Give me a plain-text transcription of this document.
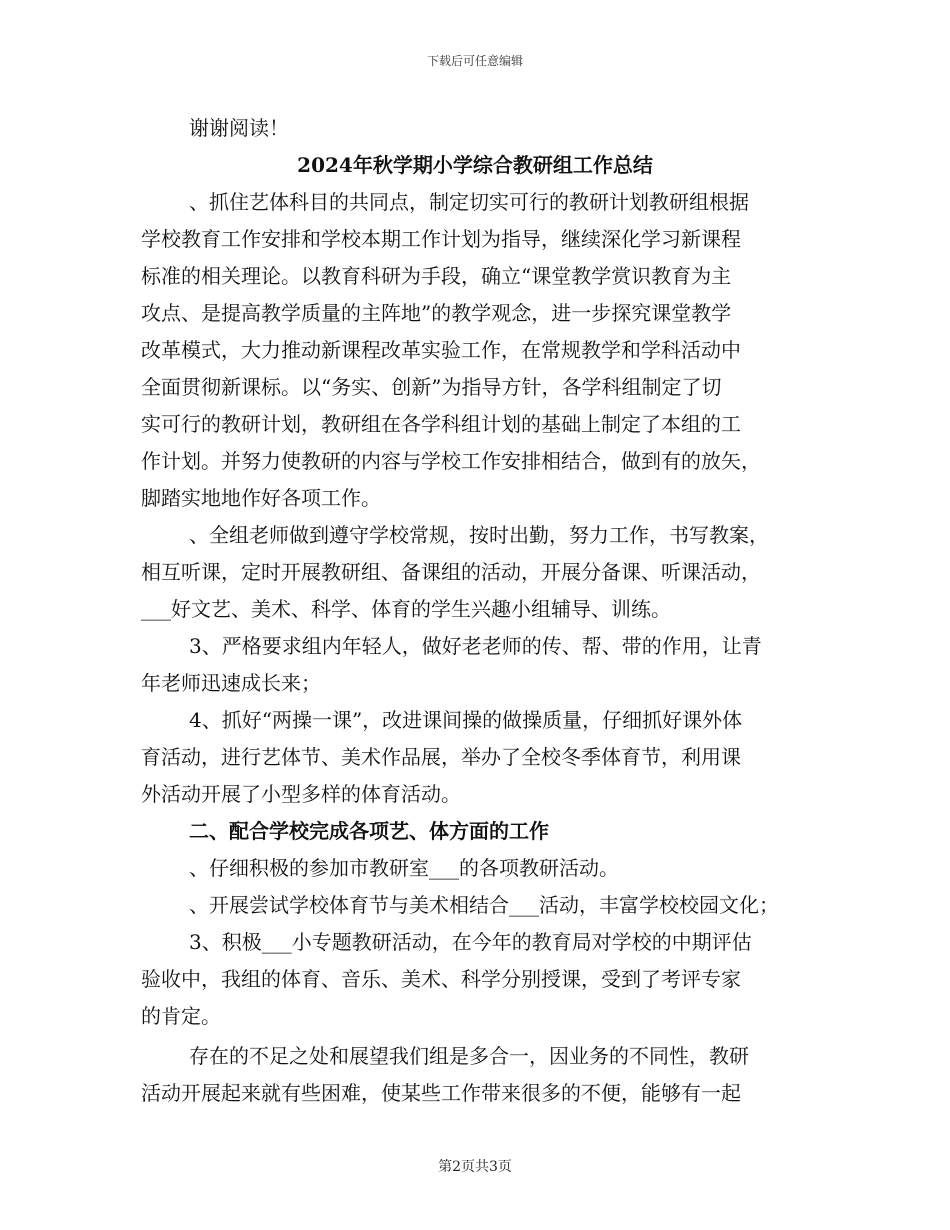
下载后可任意编辑
谢谢阅读！
2024年秋学期小学综合教研组工作总结
、抓住艺体科目的共同点，制定切实可行的教研计划教研组根据
学校教育工作安排和学校本期工作计划为指导，继续深化学习新课程
标准的相关理论。以教育科研为手段，确立“课堂教学赏识教育为主
攻点、是提高教学质量的主阵地”的教学观念，进一步探究课堂教学
改革模式，大力推动新课程改革实验工作，在常规教学和学科活动中
全面贯彻新课标。以“务实、创新”为指导方针，各学科组制定了切
实可行的教研计划，教研组在各学科组计划的基础上制定了本组的工
作计划。并努力使教研的内容与学校工作安排相结合，做到有的放矢，
脚踏实地地作好各项工作。
、全组老师做到遵守学校常规，按时出勤，努力工作，书写教案，
相互听课，定时开展教研组、备课组的活动，开展分备课、听课活动，
___好文艺、美术、科学、体育的学生兴趣小组辅导、训练。
3、严格要求组内年轻人，做好老老师的传、帮、带的作用，让青
年老师迅速成长来；
4、抓好“两操一课”，改进课间操的做操质量，仔细抓好课外体
育活动，进行艺体节、美术作品展，举办了全校冬季体育节，利用课
外活动开展了小型多样的体育活动。
二、配合学校完成各项艺、体方面的工作
、仔细积极的参加市教研室___的各项教研活动。
、开展尝试学校体育节与美术相结合___活动，丰富学校校园文化；
3、积极___小专题教研活动，在今年的教育局对学校的中期评估
验收中，我组的体育、音乐、美术、科学分别授课，受到了考评专家
的肯定。
存在的不足之处和展望我们组是多合一，因业务的不同性，教研
活动开展起来就有些困难，使某些工作带来很多的不便，能够有一起
第2页共3页
